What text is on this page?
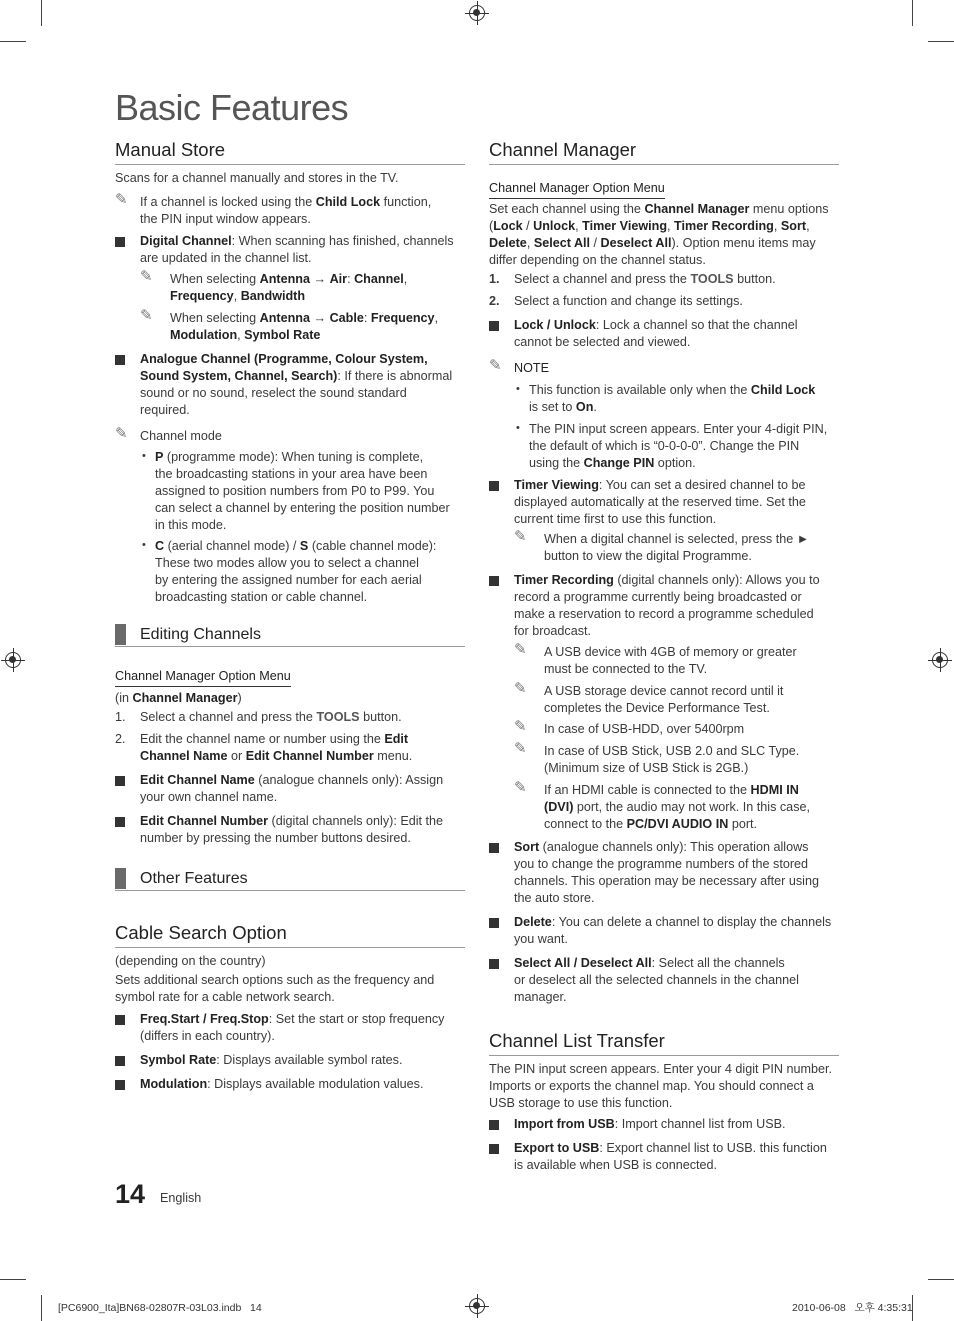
Basic Features
Manual Store
Scans for a channel manually and stores in the TV.
✎ If a channel is locked using the Child Lock function,
the PIN input window appears.
Digital Channel: When scanning has finished, channels
are updated in the channel list.
✎	When selecting Antenna → Air: Channel,
Frequency, Bandwidth
✎	When selecting Antenna → Cable: Frequency,
Modulation, Symbol Rate
Analogue Channel (Programme, Colour System,
Sound System, Channel, Search): If there is abnormal
sound or no sound, reselect the sound standard
required.
✎ Channel mode
• P (programme mode): When tuning is complete,
the broadcasting stations in your area have been
assigned to position numbers from P0 to P99. You
can select a channel by entering the position number
in this mode.
• C (aerial channel mode) / S (cable channel mode):
These two modes allow you to select a channel
by entering the assigned number for each aerial
broadcasting station or cable channel.
Editing Channels
Channel Manager Option Menu
(in Channel Manager)
1. Select a channel and press the TOOLS button.
2. Edit the channel name or number using the Edit
Channel Name or Edit Channel Number menu.
Edit Channel Name (analogue channels only): Assign
your own channel name.
Edit Channel Number (digital channels only): Edit the
number by pressing the number buttons desired.
Other Features
Cable Search Option
(depending on the country)
Sets additional search options such as the frequency and
symbol rate for a cable network search.
Freq.Start / Freq.Stop: Set the start or stop frequency
(differs in each country).
Symbol Rate: Displays available symbol rates.
Modulation: Displays available modulation values.
Channel Manager
Channel Manager Option Menu
Set each channel using the Channel Manager menu options
(Lock / Unlock, Timer Viewing, Timer Recording, Sort,
Delete, Select All / Deselect All). Option menu items may
differ depending on the channel status.
1. Select a channel and press the TOOLS button.
2. Select a function and change its settings.
Lock / Unlock: Lock a channel so that the channel
cannot be selected and viewed.
✎ NOTE
• This function is available only when the Child Lock
is set to On.
• The PIN input screen appears. Enter your 4-digit PIN,
the default of which is “0-0-0-0”. Change the PIN
using the Change PIN option.
Timer Viewing: You can set a desired channel to be
displayed automatically at the reserved time. Set the
current time first to use this function.
✎	When a digital channel is selected, press the ►
button to view the digital Programme.
Timer Recording (digital channels only): Allows you to
record a programme currently being broadcasted or
make a reservation to record a programme scheduled
for broadcast.
✎	A USB device with 4GB of memory or greater
must be connected to the TV.
✎	A USB storage device cannot record until it
completes the Device Performance Test.
✎	In case of USB-HDD, over 5400rpm
✎	In case of USB Stick, USB 2.0 and SLC Type.
(Minimum size of USB Stick is 2GB.)
✎	If an HDMI cable is connected to the HDMI IN
(DVI) port, the audio may not work. In this case,
connect to the PC/DVI AUDIO IN port.
Sort (analogue channels only): This operation allows
you to change the programme numbers of the stored
channels. This operation may be necessary after using
the auto store.
Delete: You can delete a channel to display the channels
you want.
Select All / Deselect All: Select all the channels
or deselect all the selected channels in the channel
manager.
Channel List Transfer
The PIN input screen appears. Enter your 4 digit PIN number.
Imports or exports the channel map. You should connect a
USB storage to use this function.
Import from USB: Import channel list from USB.
Export to USB: Export channel list to USB. this function
is available when USB is connected.
14 English
[PC6900_Ita]BN68-02807R-03L03.indb   14	2010-06-08   오후 4:35:31
